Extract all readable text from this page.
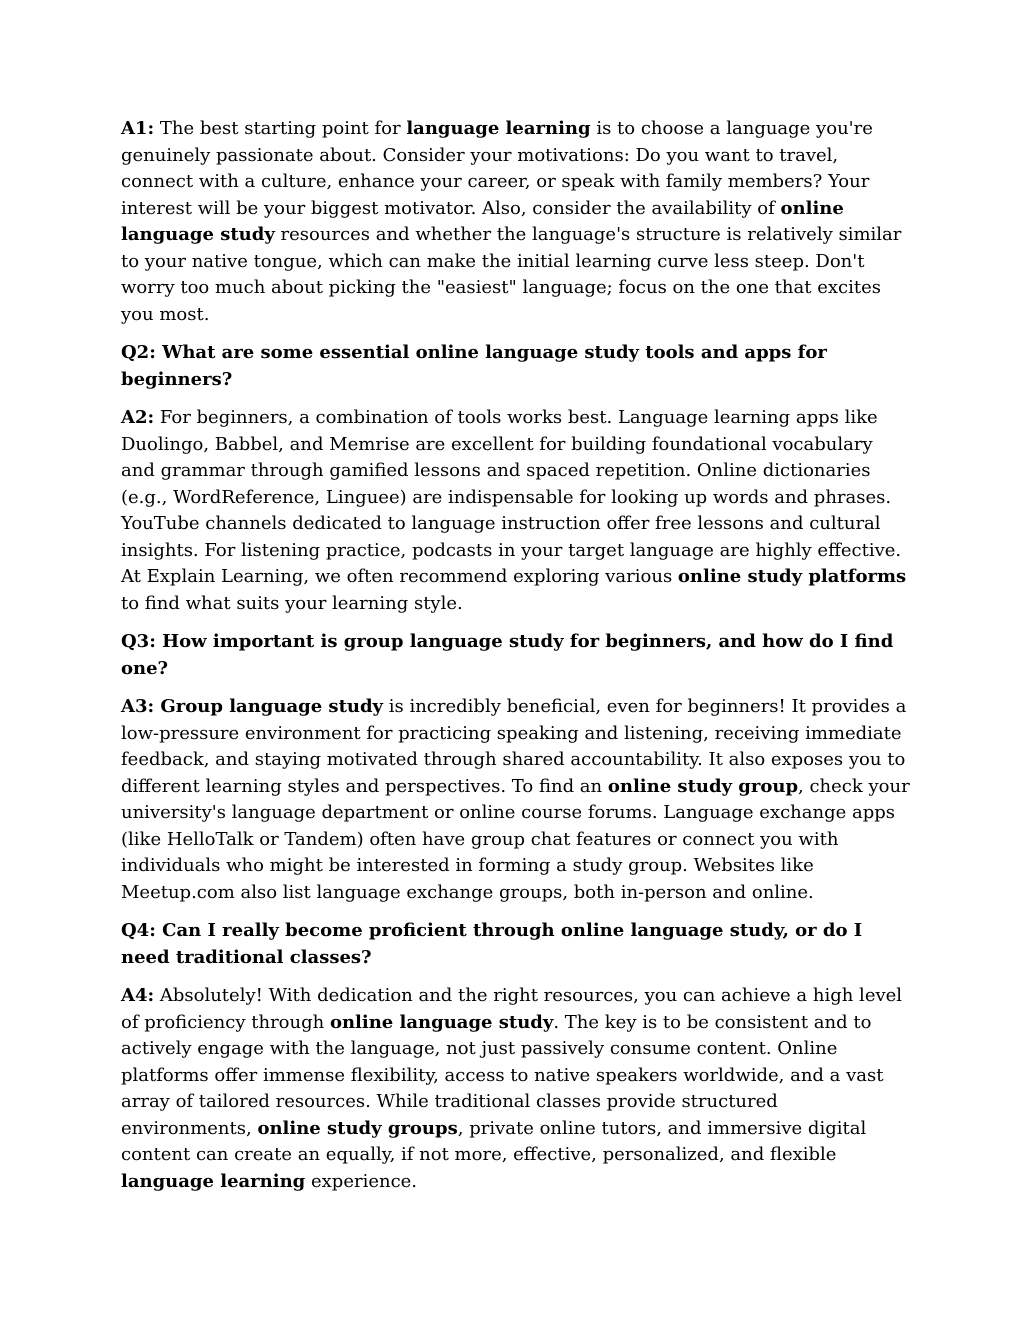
A1: The best starting point for language learning is to choose a language you're genuinely passionate about. Consider your motivations: Do you want to travel, connect with a culture, enhance your career, or speak with family members? Your interest will be your biggest motivator. Also, consider the availability of online language study resources and whether the language's structure is relatively similar to your native tongue, which can make the initial learning curve less steep. Don't worry too much about picking the "easiest" language; focus on the one that excites you most.

Q2: What are some essential online language study tools and apps for beginners?

A2: For beginners, a combination of tools works best. Language learning apps like Duolingo, Babbel, and Memrise are excellent for building foundational vocabulary and grammar through gamified lessons and spaced repetition. Online dictionaries (e.g., WordReference, Linguee) are indispensable for looking up words and phrases. YouTube channels dedicated to language instruction offer free lessons and cultural insights. For listening practice, podcasts in your target language are highly effective. At Explain Learning, we often recommend exploring various online study platforms to find what suits your learning style.

Q3: How important is group language study for beginners, and how do I find one?

A3: Group language study is incredibly beneficial, even for beginners! It provides a low-pressure environment for practicing speaking and listening, receiving immediate feedback, and staying motivated through shared accountability. It also exposes you to different learning styles and perspectives. To find an online study group, check your university's language department or online course forums. Language exchange apps (like HelloTalk or Tandem) often have group chat features or connect you with individuals who might be interested in forming a study group. Websites like Meetup.com also list language exchange groups, both in-person and online.

Q4: Can I really become proficient through online language study, or do I need traditional classes?

A4: Absolutely! With dedication and the right resources, you can achieve a high level of proficiency through online language study. The key is to be consistent and to actively engage with the language, not just passively consume content. Online platforms offer immense flexibility, access to native speakers worldwide, and a vast array of tailored resources. While traditional classes provide structured environments, online study groups, private online tutors, and immersive digital content can create an equally, if not more, effective, personalized, and flexible language learning experience.
